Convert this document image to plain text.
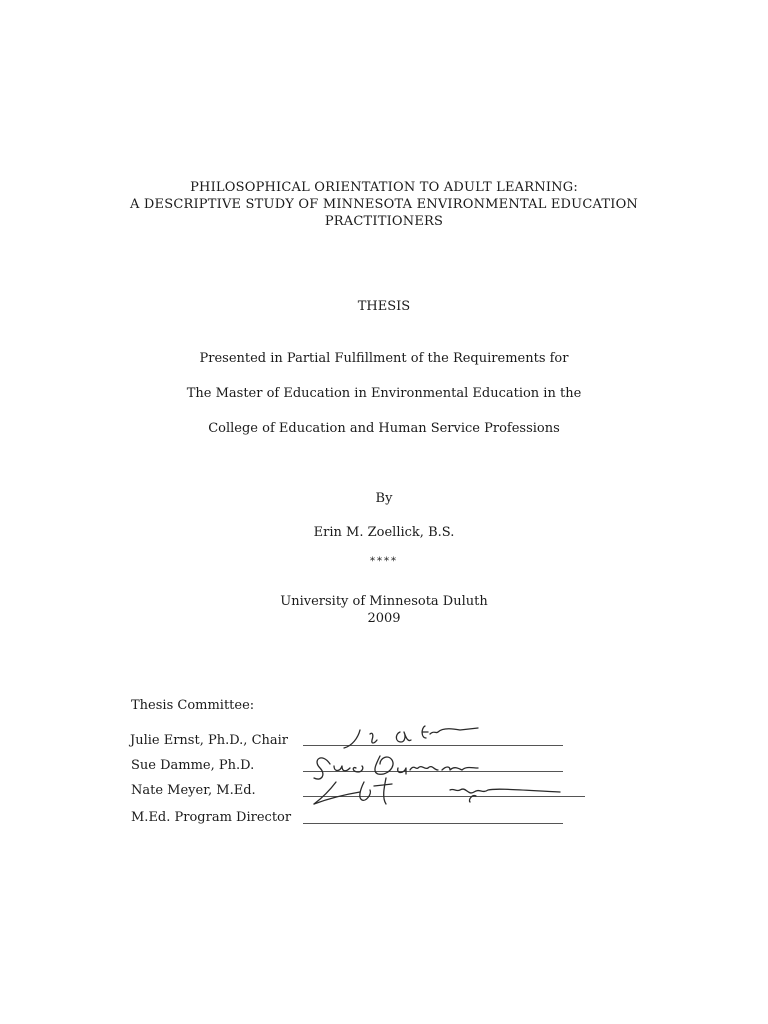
PHILOSOPHICAL ORIENTATION TO ADULT LEARNING:
A DESCRIPTIVE STUDY OF MINNESOTA ENVIRONMENTAL EDUCATION
PRACTITIONERS
THESIS
Presented in Partial Fulfillment of the Requirements for
The Master of Education in Environmental Education in the
College of Education and Human Service Professions
By
Erin M. Zoellick, B.S.
****
University of Minnesota Duluth
2009
Thesis Committee:
Julie Ernst, Ph.D., Chair
Sue Damme, Ph.D.
Nate Meyer, M.Ed.
M.Ed. Program Director
